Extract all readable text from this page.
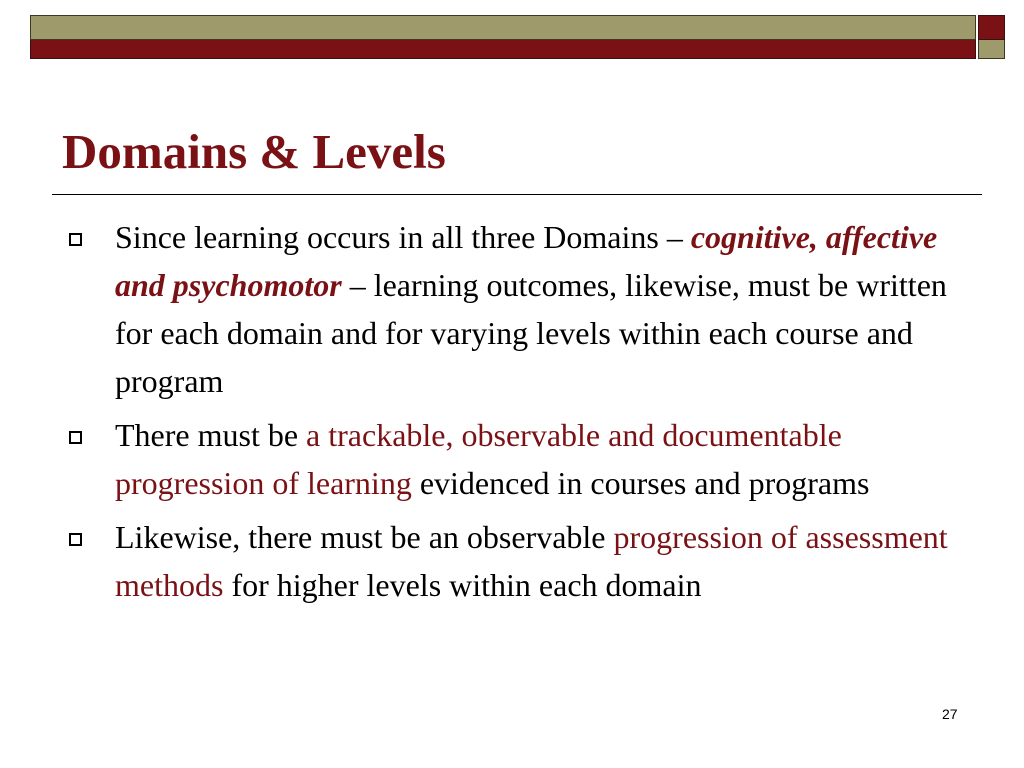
Domains & Levels
Since learning occurs in all three Domains – cognitive, affective and psychomotor – learning outcomes, likewise, must be written for each domain and for varying levels within each course and program
There must be a trackable, observable and documentable progression of learning evidenced in courses and programs
Likewise, there must be an observable progression of assessment methods for higher levels within each domain
27
